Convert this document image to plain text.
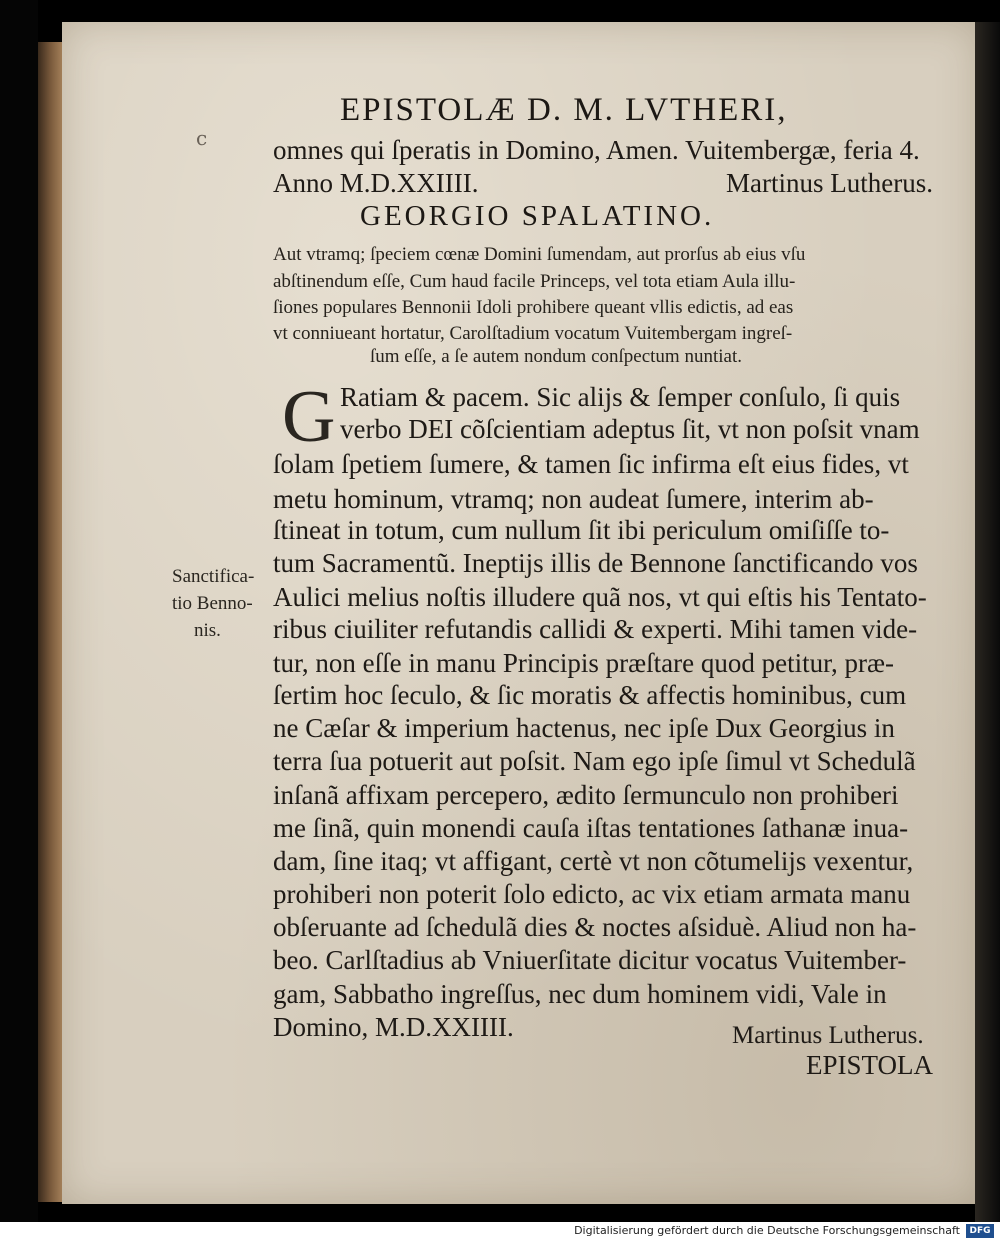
c
EPISTOLÆ D. M. LVTHERI,
omnes qui ſperatis in Domino, Amen. Vuitembergæ, feria 4.
Anno M.D.XXIIII.	Martinus Lutherus.
GEORGIO SPALATINO.
Aut vtramq; ſpeciem cœnæ Domini ſumendam, aut prorſus ab eius vſu
abſtinendum eſſe, Cum haud facile Princeps, vel tota etiam Aula illu-
ſiones populares Bennonii Idoli prohibere queant vllis edictis, ad eas
vt conniueant hortatur, Carolſtadium vocatum Vuitembergam ingreſ-
ſum eſſe, a ſe autem nondum conſpectum nuntiat.
G Ratiam & pacem. Sic alijs & ſemper conſulo, ſi quis
verbo DEI cõſcientiam adeptus ſit, vt non poſsit vnam
ſolam ſpetiem ſumere, & tamen ſic infirma eſt eius fides, vt
metu hominum, vtramq; non audeat ſumere, interim ab-
ſtineat in totum, cum nullum ſit ibi periculum omiſiſſe to-
tum Sacramentũ. Ineptijs illis de Bennone ſanctificando vos
Aulici melius noſtis illudere quã nos, vt qui eſtis his Tentato-
ribus ciuiliter refutandis callidi & experti. Mihi tamen vide-
tur, non eſſe in manu Principis præſtare quod petitur, præ-
ſertim hoc ſeculo, & ſic moratis & affectis hominibus, cum
ne Cæſar & imperium hactenus, nec ipſe Dux Georgius in
terra ſua potuerit aut poſsit. Nam ego ipſe ſimul vt Schedulã
inſanã affixam percepero, ædito ſermunculo non prohiberi
me ſinã, quin monendi cauſa iſtas tentationes ſathanæ inua-
dam, ſine itaq; vt affigant, certè vt non cõtumelijs vexentur,
prohiberi non poterit ſolo edicto, ac vix etiam armata manu
obſeruante ad ſchedulã dies & noctes aſsiduè. Aliud non ha-
beo. Carlſtadius ab Vniuerſitate dicitur vocatus Vuitember-
gam, Sabbatho ingreſſus, nec dum hominem vidi, Vale in
Domino, M.D.XXIIII.	Martinus Lutherus.
EPISTOLA
Sanctifica-
tio Benno-
nis.
Digitalisierung gefördert durch die Deutsche Forschungsgemeinschaft	DFG
